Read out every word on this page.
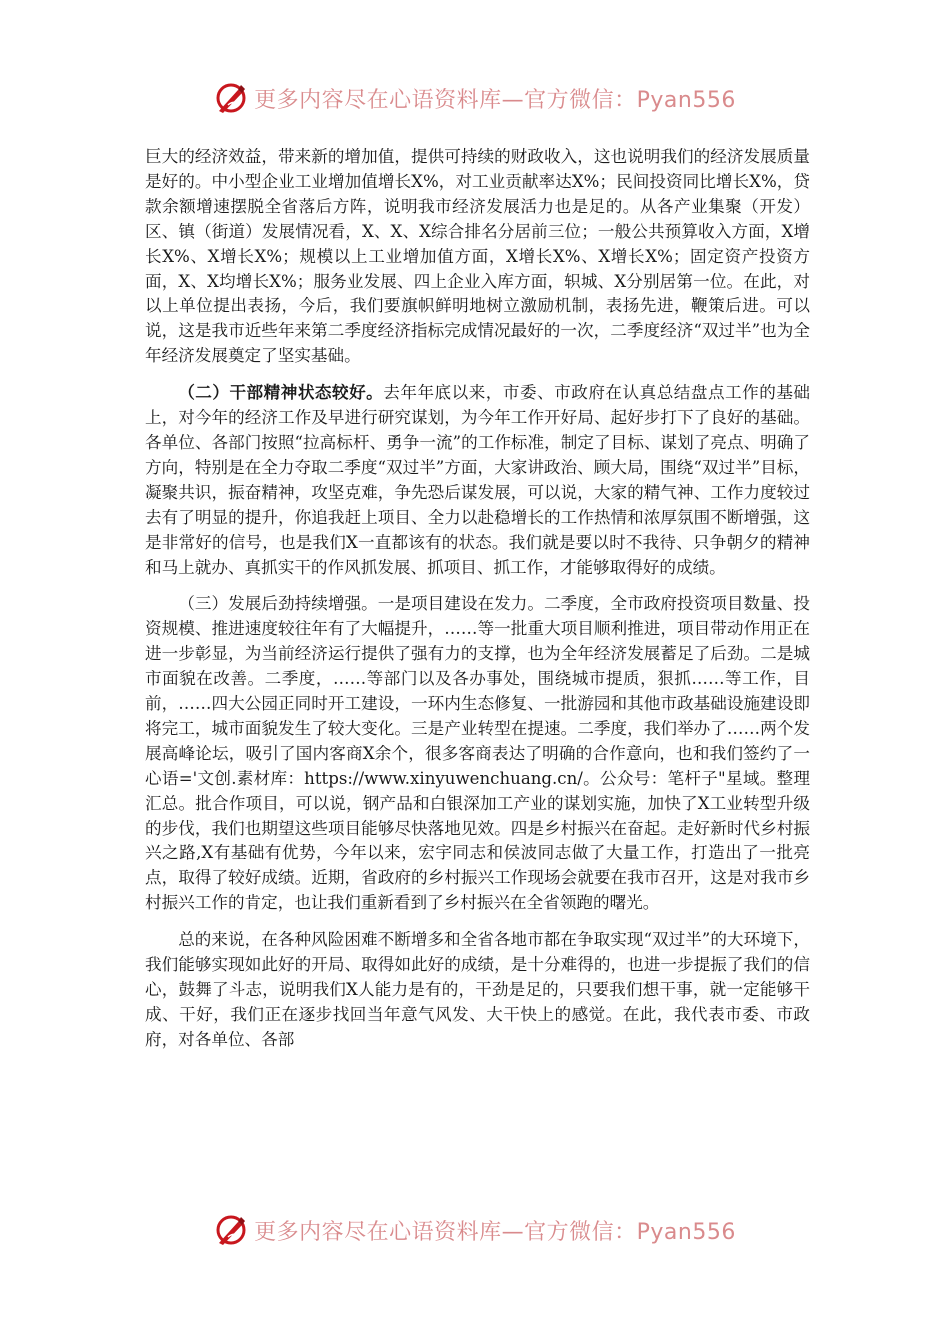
更多内容尽在心语资料库—官方微信：Pyan556

巨大的经济效益，带来新的增加值，提供可持续的财政收入，这也说明我们的经济发展质量是好的。中小型企业工业增加值增长X%，对工业贡献率达X%；民间投资同比增长X%，贷款余额增速摆脱全省落后方阵，说明我市经济发展活力也是足的。从各产业集聚（开发）区、镇（街道）发展情况看，X、X、X综合排名分居前三位；一般公共预算收入方面，X增长X%、X增长X%；规模以上工业增加值方面，X增长X%、X增长X%；固定资产投资方面，X、X均增长X%；服务业发展、四上企业入库方面，轵城、X分别居第一位。在此，对以上单位提出表扬，今后，我们要旗帜鲜明地树立激励机制，表扬先进，鞭策后进。可以说，这是我市近些年来第二季度经济指标完成情况最好的一次，二季度经济“双过半”也为全年经济发展奠定了坚实基础。

（二）干部精神状态较好。去年年底以来，市委、市政府在认真总结盘点工作的基础上，对今年的经济工作及早进行研究谋划，为今年工作开好局、起好步打下了良好的基础。各单位、各部门按照“拉高标杆、勇争一流”的工作标准，制定了目标、谋划了亮点、明确了方向，特别是在全力夺取二季度“双过半”方面，大家讲政治、顾大局，围绕“双过半”目标，凝聚共识，振奋精神，攻坚克难，争先恐后谋发展，可以说，大家的精气神、工作力度较过去有了明显的提升，你追我赶上项目、全力以赴稳增长的工作热情和浓厚氛围不断增强，这是非常好的信号，也是我们X一直都该有的状态。我们就是要以时不我待、只争朝夕的精神和马上就办、真抓实干的作风抓发展、抓项目、抓工作，才能够取得好的成绩。

（三）发展后劲持续增强。一是项目建设在发力。二季度，全市政府投资项目数量、投资规模、推进速度较往年有了大幅提升，……等一批重大项目顺利推进，项目带动作用正在进一步彰显，为当前经济运行提供了强有力的支撑，也为全年经济发展蓄足了后劲。二是城市面貌在改善。二季度，……等部门以及各办事处，围绕城市提质，狠抓……等工作，目前，……四大公园正同时开工建设，一环内生态修复、一批游园和其他市政基础设施建设即将完工，城市面貌发生了较大变化。三是产业转型在提速。二季度，我们举办了……两个发展高峰论坛，吸引了国内客商X余个，很多客商表达了明确的合作意向，也和我们签约了一心语='文创.素材库：https://www.xinyuwenchuang.cn/。公众号：笔杆子"星域。整理汇总。批合作项目，可以说，钢产品和白银深加工产业的谋划实施，加快了X工业转型升级的步伐，我们也期望这些项目能够尽快落地见效。四是乡村振兴在奋起。走好新时代乡村振兴之路,X有基础有优势，今年以来，宏宇同志和侯波同志做了大量工作，打造出了一批亮点，取得了较好成绩。近期，省政府的乡村振兴工作现场会就要在我市召开，这是对我市乡村振兴工作的肯定，也让我们重新看到了乡村振兴在全省领跑的曙光。

总的来说，在各种风险困难不断增多和全省各地市都在争取实现“双过半”的大环境下，我们能够实现如此好的开局、取得如此好的成绩，是十分难得的，也进一步提振了我们的信心，鼓舞了斗志，说明我们X人能力是有的，干劲是足的，只要我们想干事，就一定能够干成、干好，我们正在逐步找回当年意气风发、大干快上的感觉。在此，我代表市委、市政府，对各单位、各部

更多内容尽在心语资料库—官方微信：Pyan556
